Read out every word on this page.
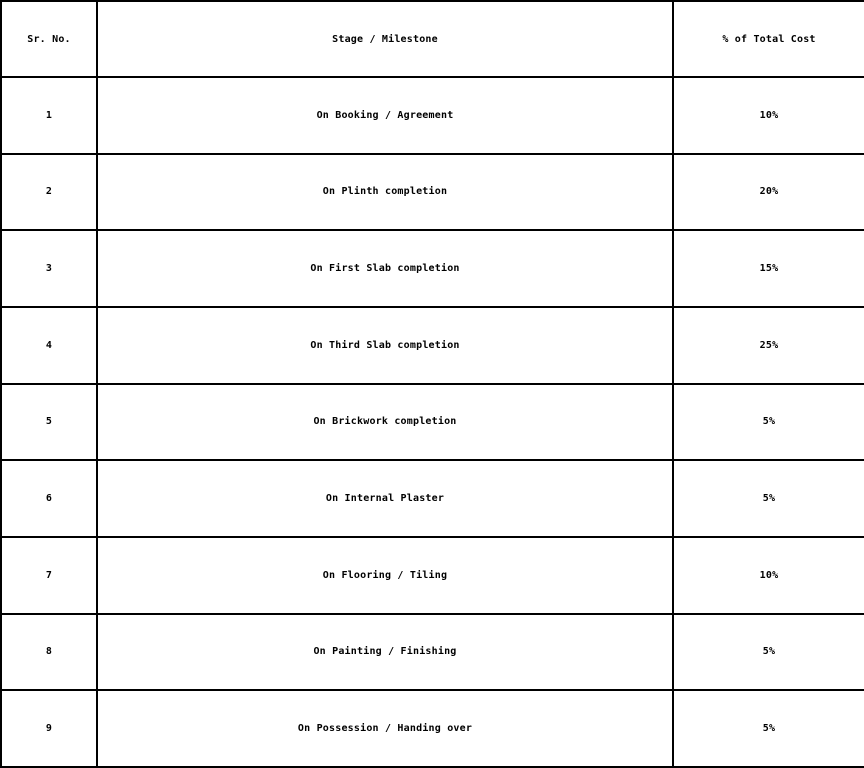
Sr. No.	Stage / Milestone	% of Total Cost
1	On Booking / Agreement	10%
2	On Plinth completion	20%
3	On First Slab completion	15%
4	On Third Slab completion	25%
5	On Brickwork completion	5%
6	On Internal Plaster	5%
7	On Flooring / Tiling	10%
8	On Painting / Finishing	5%
9	On Possession / Handing over	5%
